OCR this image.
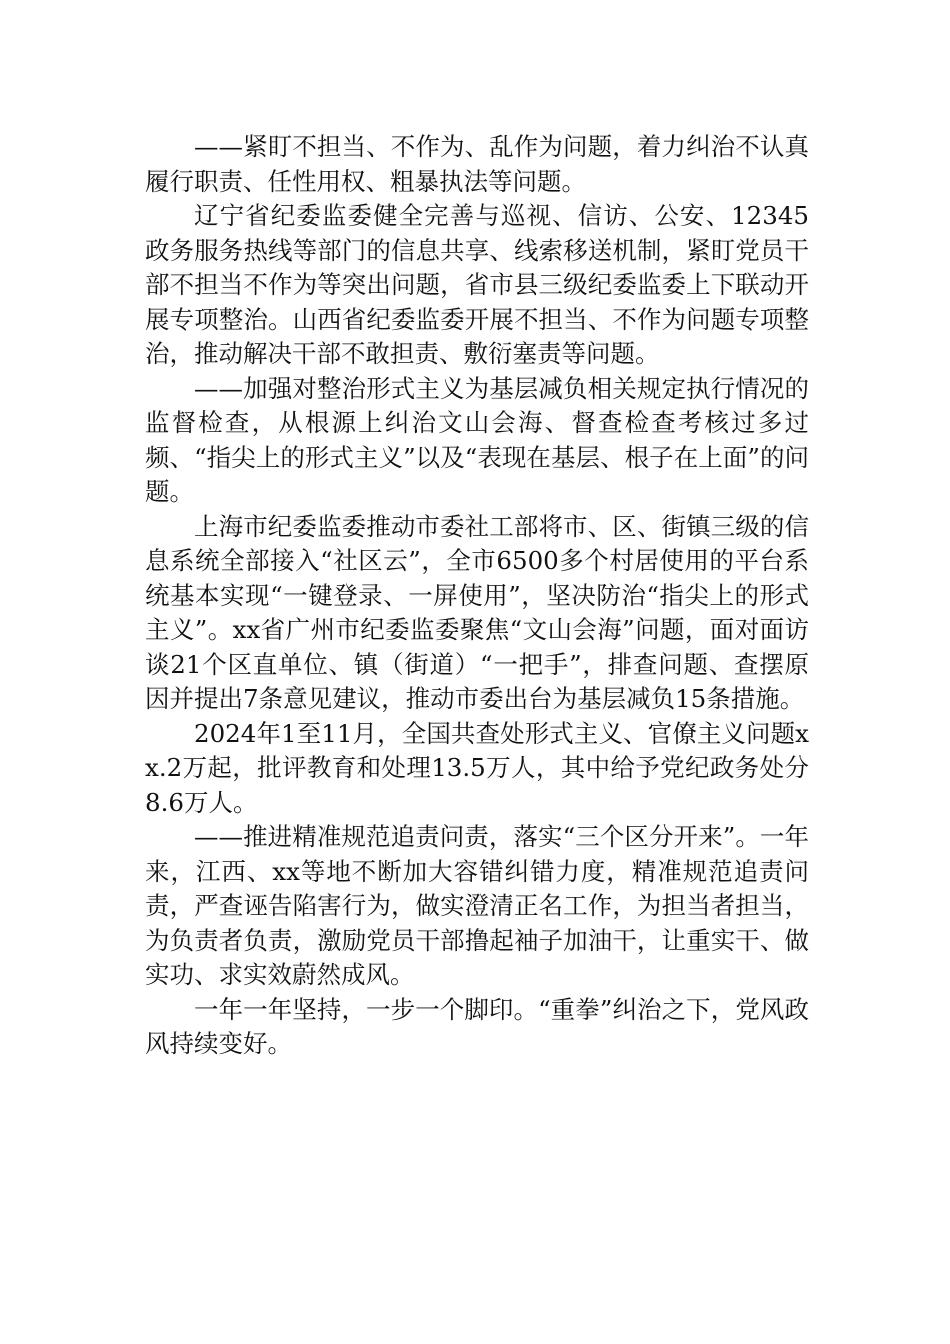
——紧盯不担当、不作为、乱作为问题，着力纠治不认真履行职责、任性用权、粗暴执法等问题。

辽宁省纪委监委健全完善与巡视、信访、公安、12345政务服务热线等部门的信息共享、线索移送机制，紧盯党员干部不担当不作为等突出问题，省市县三级纪委监委上下联动开展专项整治。山西省纪委监委开展不担当、不作为问题专项整治，推动解决干部不敢担责、敷衍塞责等问题。

——加强对整治形式主义为基层减负相关规定执行情况的监督检查，从根源上纠治文山会海、督查检查考核过多过频、“指尖上的形式主义”以及“表现在基层、根子在上面”的问题。

上海市纪委监委推动市委社工部将市、区、街镇三级的信息系统全部接入“社区云”，全市6500多个村居使用的平台系统基本实现“一键登录、一屏使用”，坚决防治“指尖上的形式主义”。xx省广州市纪委监委聚焦“文山会海”问题，面对面访谈21个区直单位、镇（街道）“一把手”，排查问题、查摆原因并提出7条意见建议，推动市委出台为基层减负15条措施。

2024年1至11月，全国共查处形式主义、官僚主义问题xx.2万起，批评教育和处理13.5万人，其中给予党纪政务处分8.6万人。

——推进精准规范追责问责，落实“三个区分开来”。一年来，江西、xx等地不断加大容错纠错力度，精准规范追责问责，严查诬告陷害行为，做实澄清正名工作，为担当者担当，为负责者负责，激励党员干部撸起袖子加油干，让重实干、做实功、求实效蔚然成风。

一年一年坚持，一步一个脚印。“重拳”纠治之下，党风政风持续变好。
